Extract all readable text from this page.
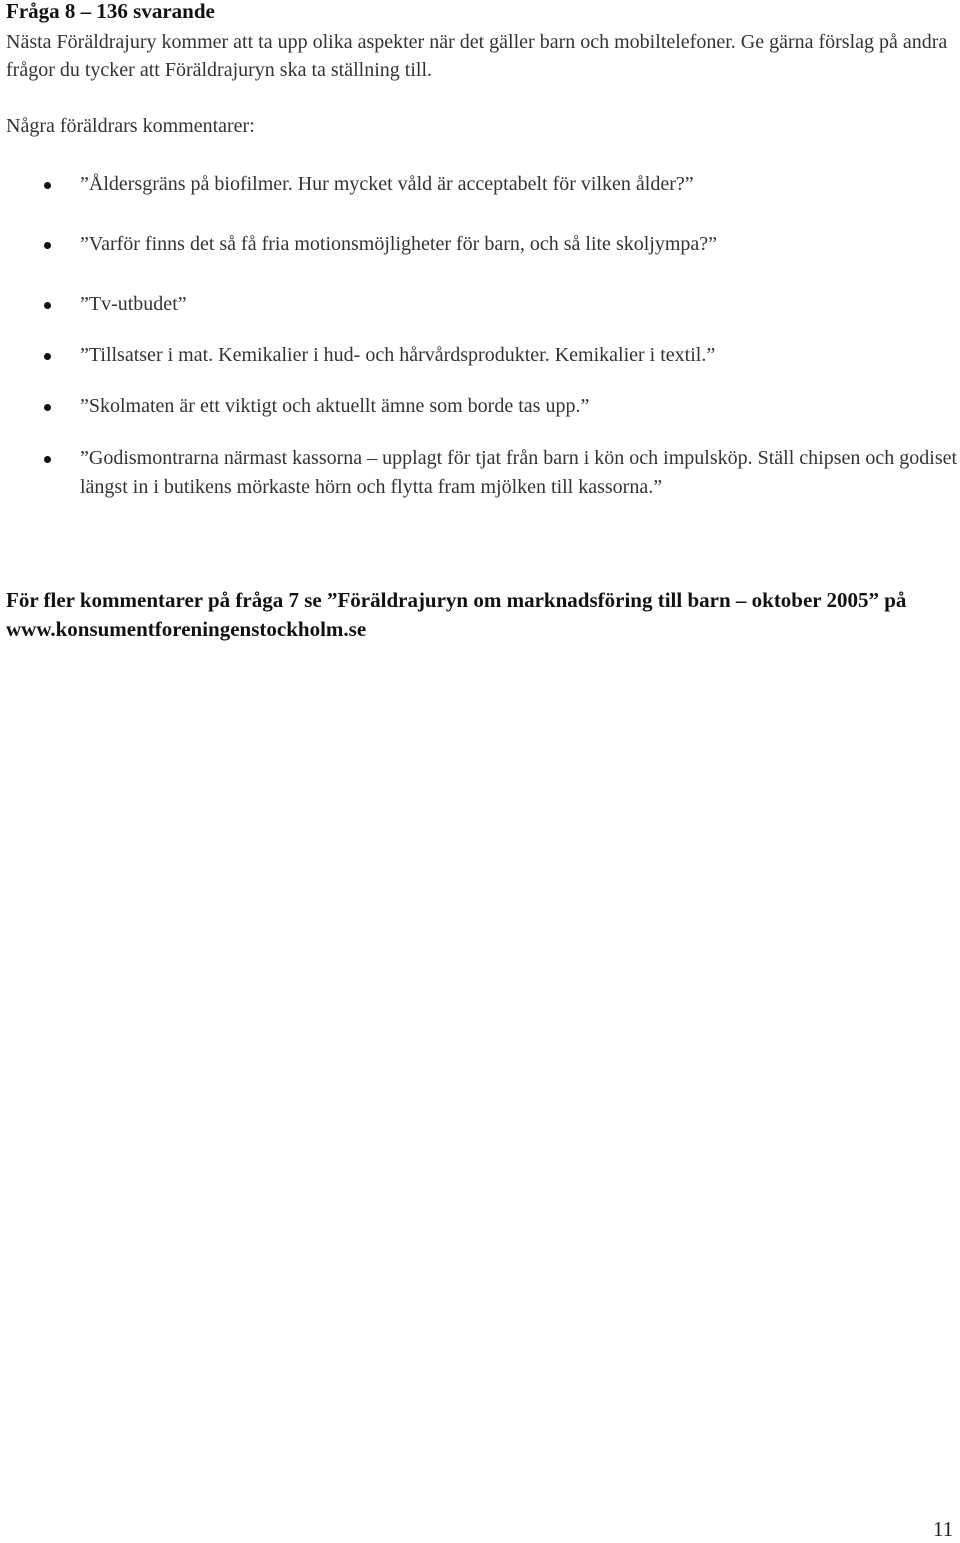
Fråga 8 – 136 svarande

Nästa Föräldrajury kommer att ta upp olika aspekter när det gäller barn och mobiltelefoner. Ge gärna förslag på andra frågor du tycker att Föräldrajuryn ska ta ställning till.

Några föräldrars kommentarer:

”Åldersgräns på biofilmer. Hur mycket våld är acceptabelt för vilken ålder?”
”Varför finns det så få fria motionsmöjligheter för barn, och så lite skoljympa?”
”Tv-utbudet”
”Tillsatser i mat. Kemikalier i hud- och hårvårdsprodukter. Kemikalier i textil.”
”Skolmaten är ett viktigt och aktuellt ämne som borde tas upp.”
”Godismontrarna närmast kassorna – upplagt för tjat från barn i kön och impulsköp. Ställ chipsen och godiset längst in i butikens mörkaste hörn och flytta fram mjölken till kassorna.”

För fler kommentarer på fråga 7 se ”Föräldrajuryn om marknadsföring till barn – oktober 2005” på www.konsumentforeningenstockholm.se

11
